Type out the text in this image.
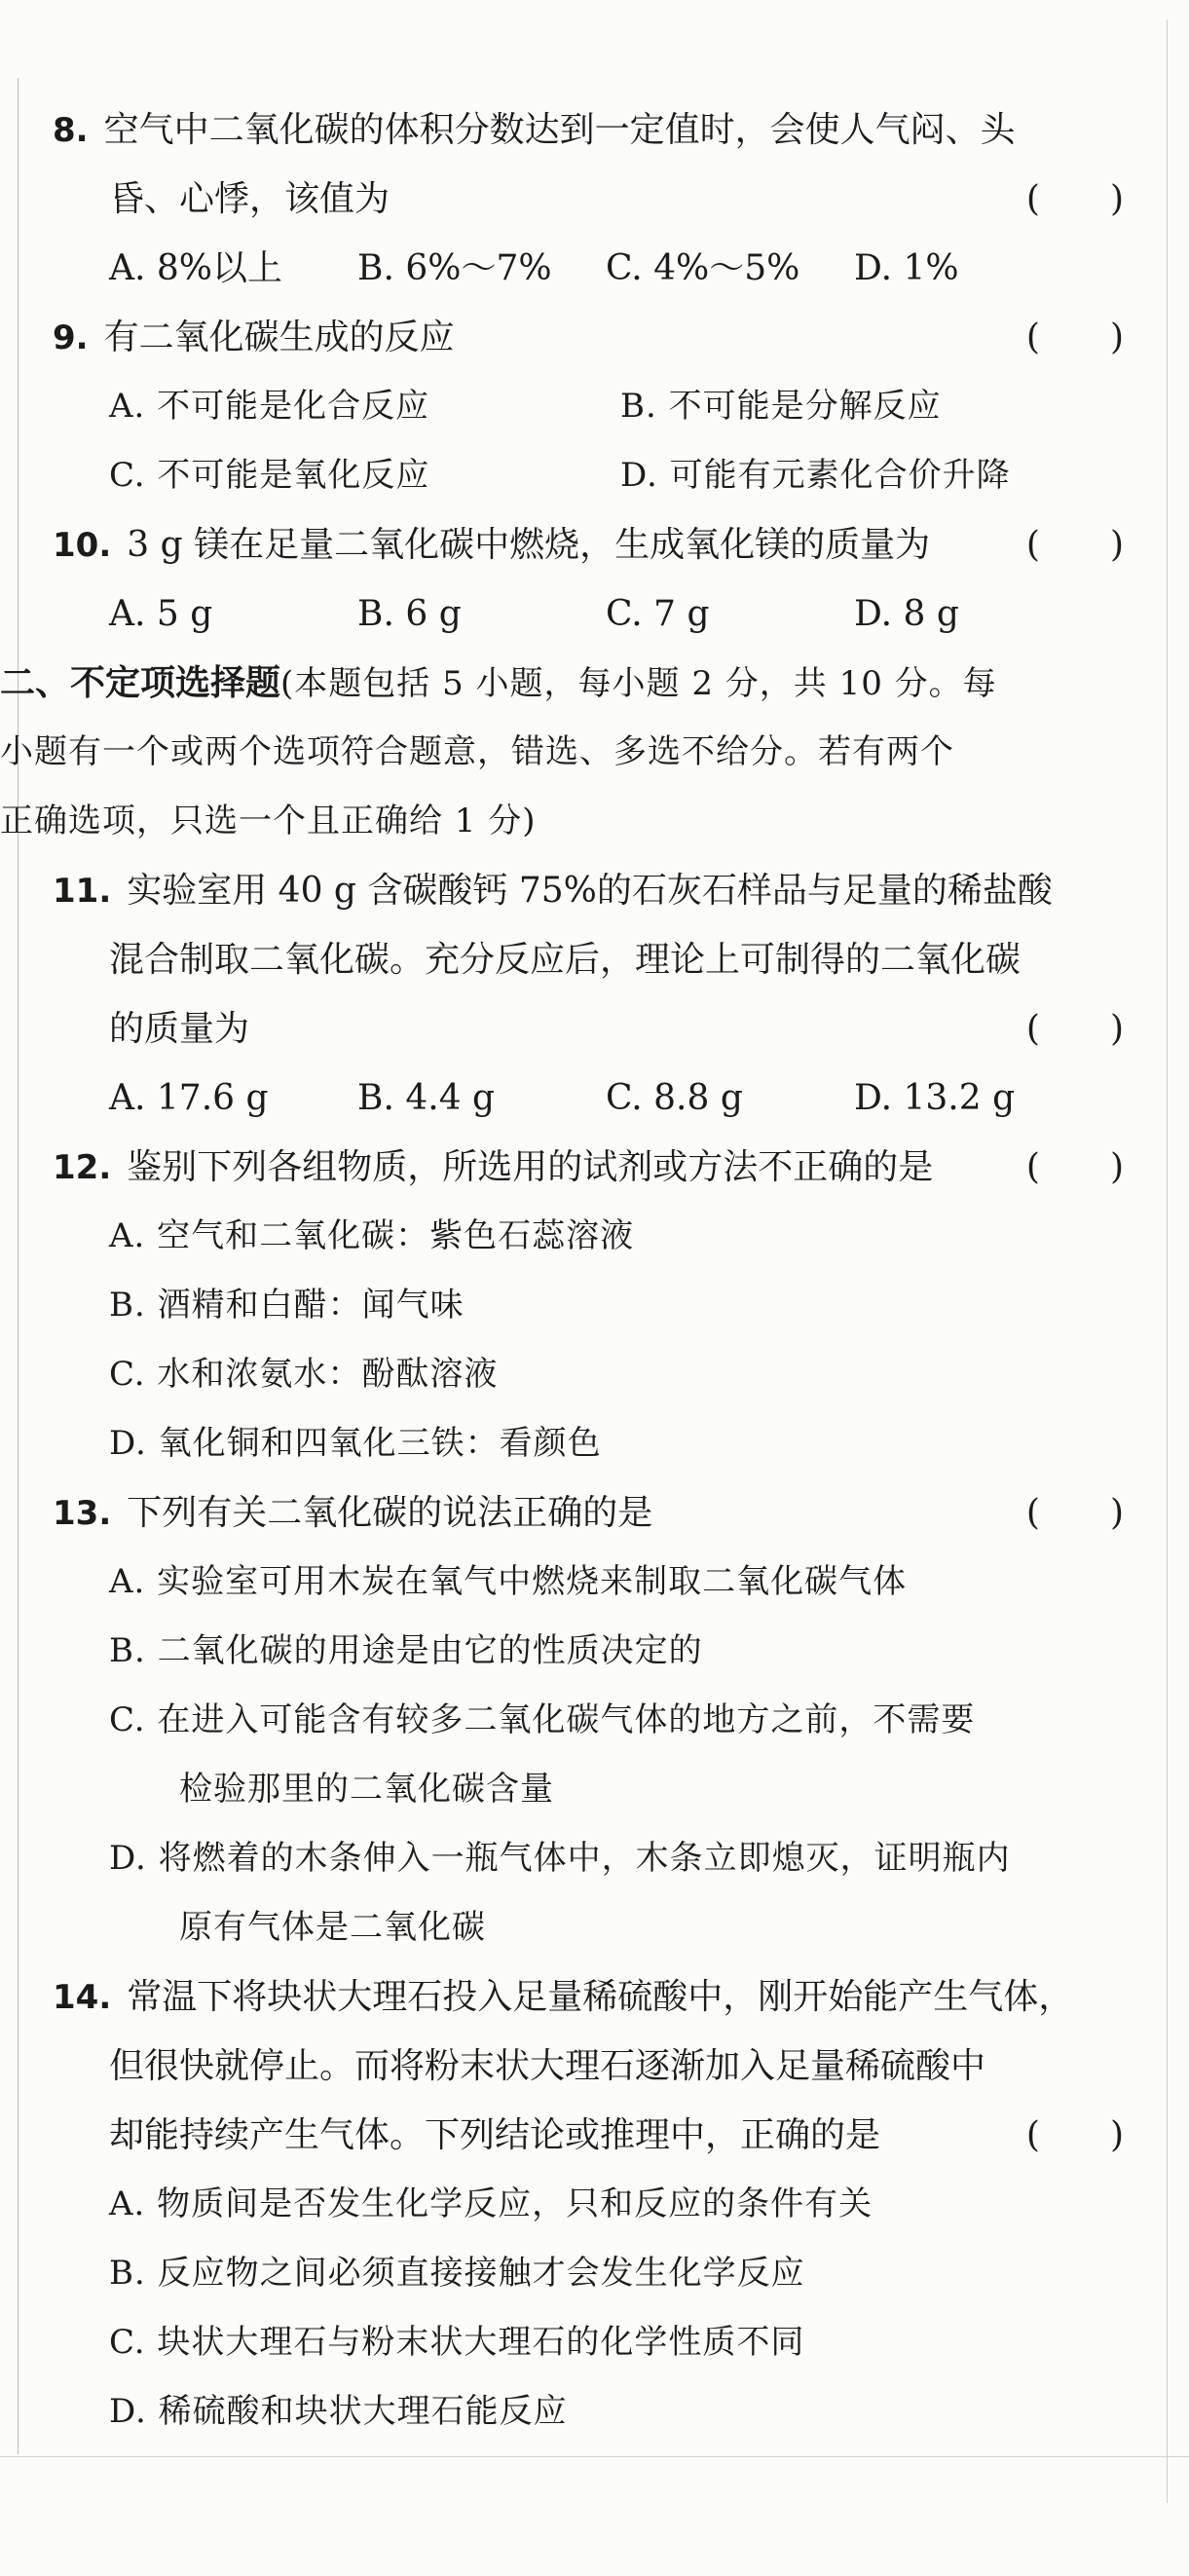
8. 空气中二氧化碳的体积分数达到一定值时，会使人气闷、头
昏、心悸，该值为	(　　)
A. 8%以上	B. 6%～7%	C. 4%～5%	D. 1%
9. 有二氧化碳生成的反应	(　　)
A. 不可能是化合反应	B. 不可能是分解反应
C. 不可能是氧化反应	D. 可能有元素化合价升降
10. 3 g 镁在足量二氧化碳中燃烧，生成氧化镁的质量为	(　　)
A. 5 g	B. 6 g	C. 7 g	D. 8 g
二、不定项选择题(本题包括 5 小题，每小题 2 分，共 10 分。每
小题有一个或两个选项符合题意，错选、多选不给分。若有两个
正确选项，只选一个且正确给 1 分)
11. 实验室用 40 g 含碳酸钙 75%的石灰石样品与足量的稀盐酸
混合制取二氧化碳。充分反应后，理论上可制得的二氧化碳
的质量为	(　　)
A. 17.6 g	B. 4.4 g	C. 8.8 g	D. 13.2 g
12. 鉴别下列各组物质，所选用的试剂或方法不正确的是	(　　)
A. 空气和二氧化碳：紫色石蕊溶液
B. 酒精和白醋：闻气味
C. 水和浓氨水：酚酞溶液
D. 氧化铜和四氧化三铁：看颜色
13. 下列有关二氧化碳的说法正确的是	(　　)
A. 实验室可用木炭在氧气中燃烧来制取二氧化碳气体
B. 二氧化碳的用途是由它的性质决定的
C. 在进入可能含有较多二氧化碳气体的地方之前，不需要
检验那里的二氧化碳含量
D. 将燃着的木条伸入一瓶气体中，木条立即熄灭，证明瓶内
原有气体是二氧化碳
14. 常温下将块状大理石投入足量稀硫酸中，刚开始能产生气体，
但很快就停止。而将粉末状大理石逐渐加入足量稀硫酸中
却能持续产生气体。下列结论或推理中，正确的是	(　　)
A. 物质间是否发生化学反应，只和反应的条件有关
B. 反应物之间必须直接接触才会发生化学反应
C. 块状大理石与粉末状大理石的化学性质不同
D. 稀硫酸和块状大理石能反应
